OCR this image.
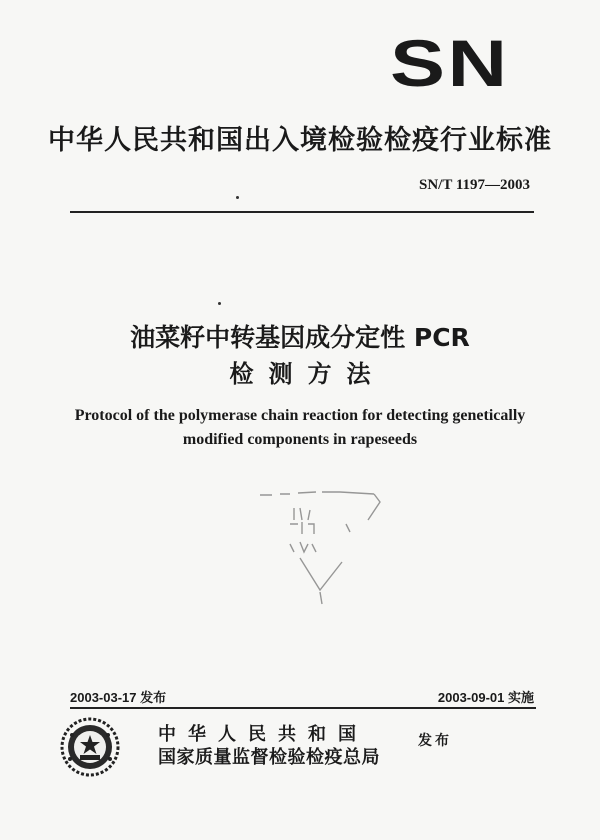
SN
中华人民共和国出入境检验检疫行业标准
SN/T 1197—2003
油菜籽中转基因成分定性 PCR
检测方法
Protocol of the polymerase chain reaction for detecting genetically modified components in rapeseeds
2003-03-17 发布	2003-09-01 实施
中华人民共和国
国家质量监督检验检疫总局
发布
